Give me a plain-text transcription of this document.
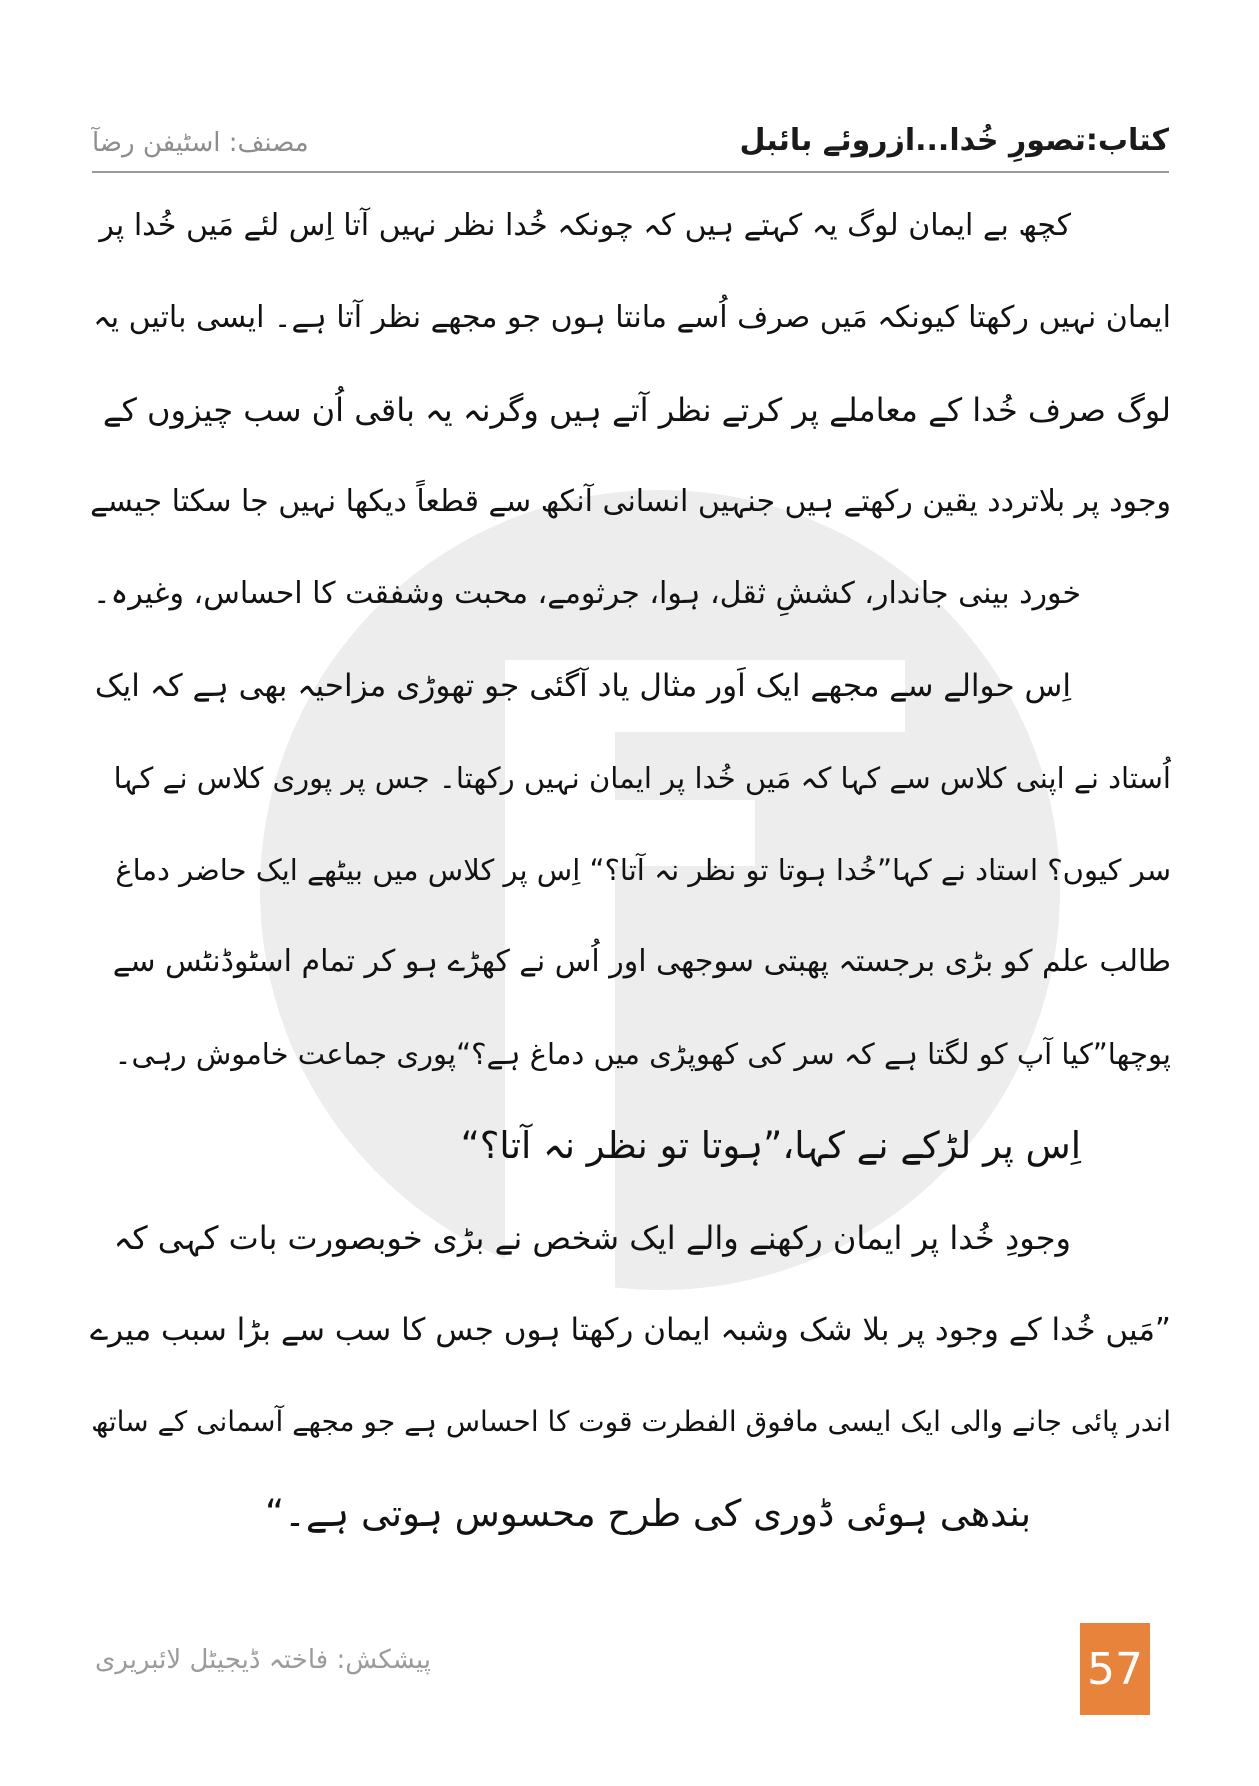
مصنف: اسٹیفن رضآ	کتاب:تصورِ خُدا...ازروئے بائبل
کچھ بے ایمان لوگ یہ کہتے ہیں کہ چونکہ خُدا نظر نہیں آتا اِس لئے مَیں خُدا پر
ایمان نہیں رکھتا کیونکہ مَیں صرف اُسے مانتا ہوں جو مجھے نظر آتا ہے۔ ایسی باتیں یہ
لوگ صرف خُدا کے معاملے پر کرتے نظر آتے ہیں وگرنہ یہ باقی اُن سب چیزوں کے
وجود پر بلاتردد یقین رکھتے ہیں جنہیں انسانی آنکھ سے قطعاً دیکھا نہیں جا سکتا جیسے
خورد بینی جاندار، کششِ ثقل، ہوا، جرثومے، محبت وشفقت کا احساس، وغیرہ۔
اِس حوالے سے مجھے ایک اَور مثال یاد آگئی جو تھوڑی مزاحیہ بھی ہے کہ ایک
اُستاد نے اپنی کلاس سے کہا کہ مَیں خُدا پر ایمان نہیں رکھتا۔ جس پر پوری کلاس نے کہا
سر کیوں؟ استاد نے کہا”خُدا ہوتا تو نظر نہ آتا؟“ اِس پر کلاس میں بیٹھے ایک حاضر دماغ
طالب علم کو بڑی برجستہ پھبتی سوجھی اور اُس نے کھڑے ہو کر تمام اسٹوڈنٹس سے
پوچھا”کیا آپ کو لگتا ہے کہ سر کی کھوپڑی میں دماغ ہے؟“پوری جماعت خاموش رہی۔
اِس پر لڑکے نے کہا،”ہوتا تو نظر نہ آتا؟“
وجودِ خُدا پر ایمان رکھنے والے ایک شخص نے بڑی خوبصورت بات کہی کہ
”مَیں خُدا کے وجود پر بلا شک وشبہ ایمان رکھتا ہوں جس کا سب سے بڑا سبب میرے
اندر پائی جانے والی ایک ایسی مافوق الفطرت قوت کا احساس ہے جو مجھے آسمانی کے ساتھ
بندھی ہوئی ڈوری کی طرح محسوس ہوتی ہے۔“
پیشکش: فاختہ ڈیجیٹل لائبریری	57
